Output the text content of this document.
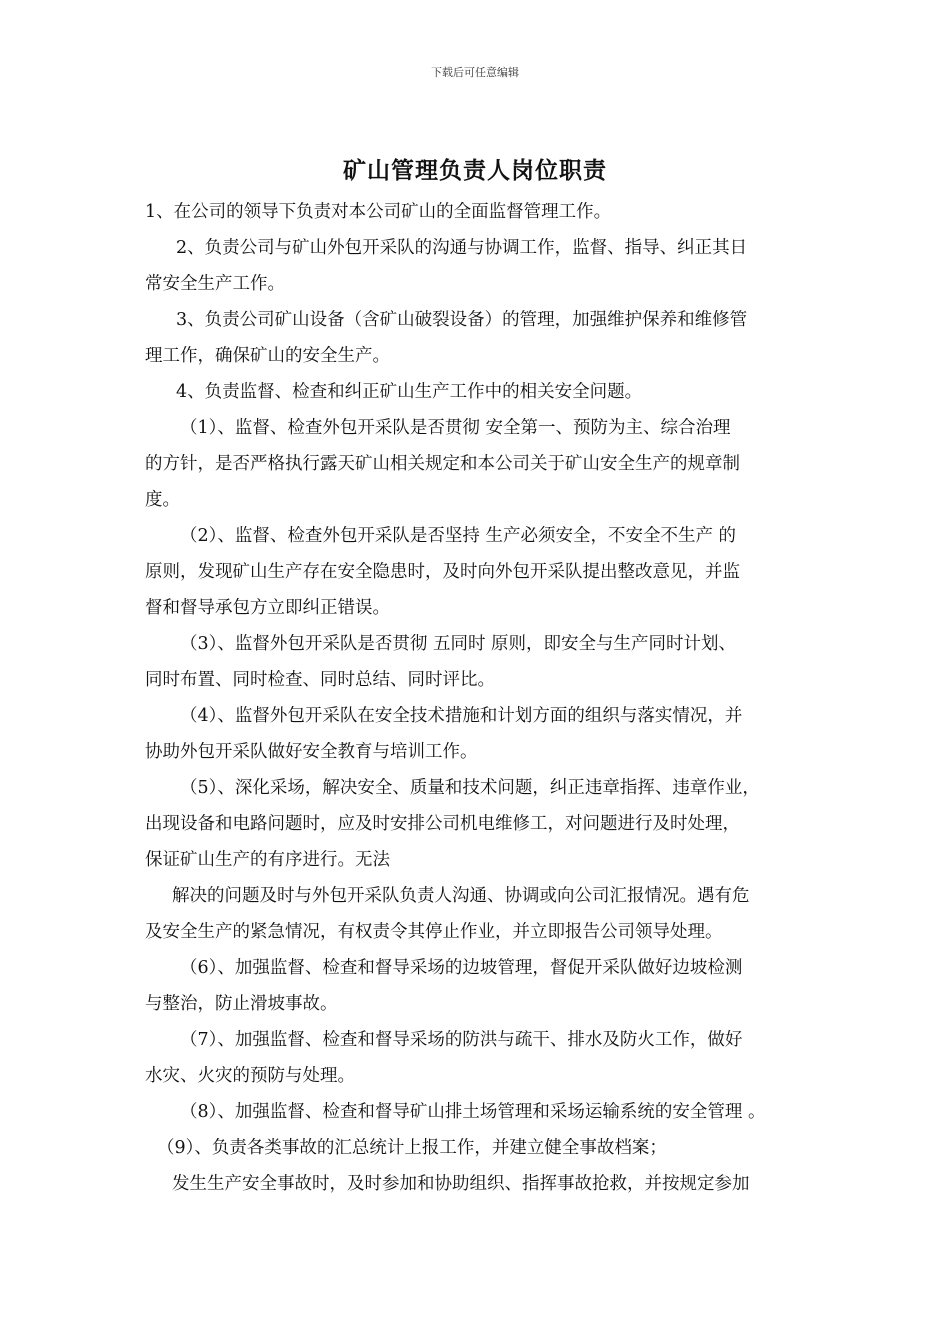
下载后可任意编辑
矿山管理负责人岗位职责
1、在公司的领导下负责对本公司矿山的全面监督管理工作。
2、负责公司与矿山外包开采队的沟通与协调工作，监督、指导、纠正其日
常安全生产工作。
3、负责公司矿山设备（含矿山破裂设备）的管理，加强维护保养和维修管
理工作，确保矿山的安全生产。
4、负责监督、检查和纠正矿山生产工作中的相关安全问题。
（1）、监督、检查外包开采队是否贯彻 安全第一、预防为主、综合治理
的方针，是否严格执行露天矿山相关规定和本公司关于矿山安全生产的规章制
度。
（2）、监督、检查外包开采队是否坚持 生产必须安全，不安全不生产 的
原则，发现矿山生产存在安全隐患时，及时向外包开采队提出整改意见，并监
督和督导承包方立即纠正错误。
（3）、监督外包开采队是否贯彻 五同时 原则，即安全与生产同时计划、
同时布置、同时检查、同时总结、同时评比。
（4）、监督外包开采队在安全技术措施和计划方面的组织与落实情况，并
协助外包开采队做好安全教育与培训工作。
（5）、深化采场，解决安全、质量和技术问题，纠正违章指挥、违章作业，
出现设备和电路问题时，应及时安排公司机电维修工，对问题进行及时处理，
保证矿山生产的有序进行。无法
解决的问题及时与外包开采队负责人沟通、协调或向公司汇报情况。遇有危
及安全生产的紧急情况，有权责令其停止作业，并立即报告公司领导处理。
（6）、加强监督、检查和督导采场的边坡管理，督促开采队做好边坡检测
与整治，防止滑坡事故。
（7）、加强监督、检查和督导采场的防洪与疏干、排水及防火工作，做好
水灾、火灾的预防与处理。
（8）、加强监督、检查和督导矿山排土场管理和采场运输系统的安全管理 。
（9）、负责各类事故的汇总统计上报工作，并建立健全事故档案；
发生生产安全事故时，及时参加和协助组织、指挥事故抢救，并按规定参加
